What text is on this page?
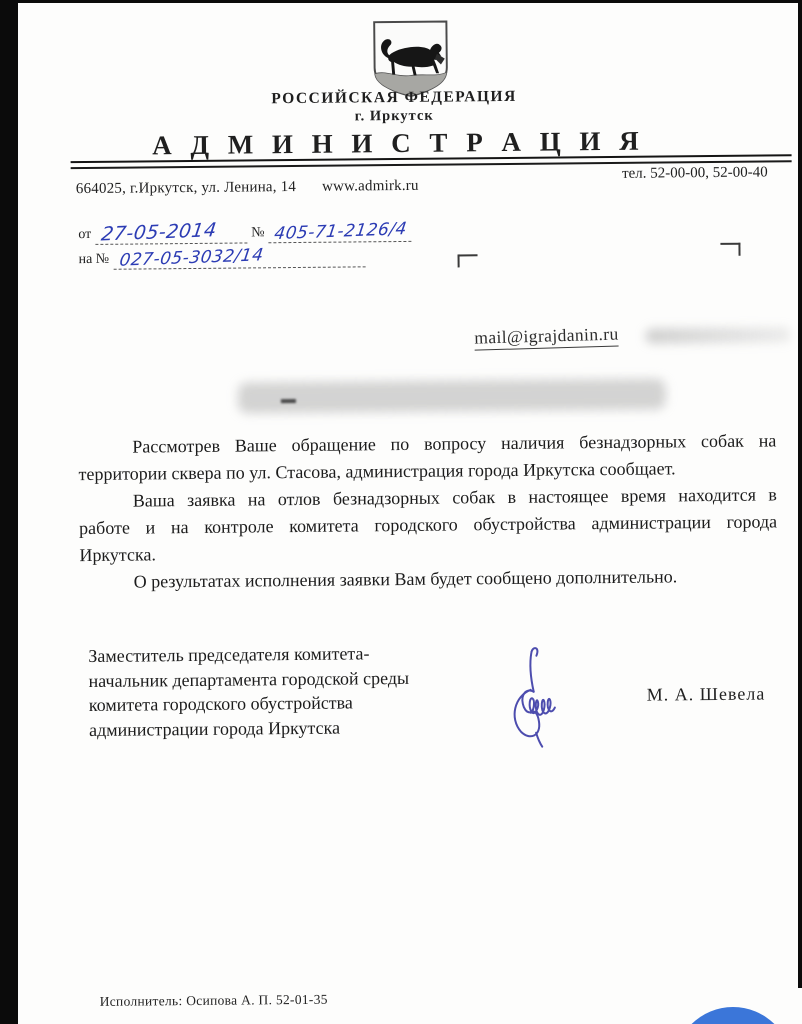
РОССИЙСКАЯ ФЕДЕРАЦИЯ
г. Иркутск
А Д М И Н И С Т Р А Ц И Я
664025, г.Иркутск, ул. Ленина, 14 www.admirk.ru
тел. 52-00-00, 52-00-40
от 27-05-2014	№ 405-71-2126/4
на № 027-05-3032/14
mail@igrajdanin.ru
Рассмотрев Ваше обращение по вопросу наличия безнадзорных собак на
территории сквера по ул. Стасова, администрация города Иркутска сообщает.
Ваша заявка на отлов безнадзорных собак в настоящее время находится в
работе и на контроле комитета городского обустройства администрации города
Иркутска.
О результатах исполнения заявки Вам будет сообщено дополнительно.
Заместитель председателя комитета-
начальник департамента городской среды
комитета городского обустройства
администрации города Иркутска
М. А. Шевела
Исполнитель: Осипова А. П. 52-01-35
